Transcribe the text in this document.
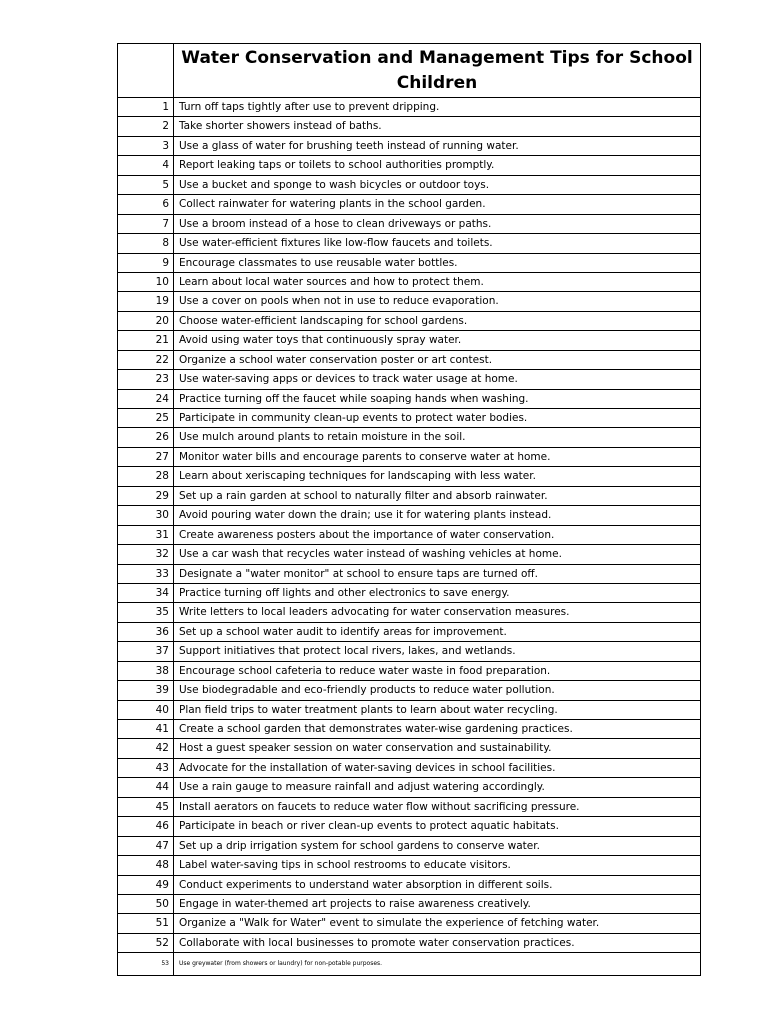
Water Conservation and Management Tips for School Children
1 Turn off taps tightly after use to prevent dripping.
2 Take shorter showers instead of baths.
3 Use a glass of water for brushing teeth instead of running water.
4 Report leaking taps or toilets to school authorities promptly.
5 Use a bucket and sponge to wash bicycles or outdoor toys.
6 Collect rainwater for watering plants in the school garden.
7 Use a broom instead of a hose to clean driveways or paths.
8 Use water-efficient fixtures like low-flow faucets and toilets.
9 Encourage classmates to use reusable water bottles.
10 Learn about local water sources and how to protect them.
19 Use a cover on pools when not in use to reduce evaporation.
20 Choose water-efficient landscaping for school gardens.
21 Avoid using water toys that continuously spray water.
22 Organize a school water conservation poster or art contest.
23 Use water-saving apps or devices to track water usage at home.
24 Practice turning off the faucet while soaping hands when washing.
25 Participate in community clean-up events to protect water bodies.
26 Use mulch around plants to retain moisture in the soil.
27 Monitor water bills and encourage parents to conserve water at home.
28 Learn about xeriscaping techniques for landscaping with less water.
29 Set up a rain garden at school to naturally filter and absorb rainwater.
30 Avoid pouring water down the drain; use it for watering plants instead.
31 Create awareness posters about the importance of water conservation.
32 Use a car wash that recycles water instead of washing vehicles at home.
33 Designate a "water monitor" at school to ensure taps are turned off.
34 Practice turning off lights and other electronics to save energy.
35 Write letters to local leaders advocating for water conservation measures.
36 Set up a school water audit to identify areas for improvement.
37 Support initiatives that protect local rivers, lakes, and wetlands.
38 Encourage school cafeteria to reduce water waste in food preparation.
39 Use biodegradable and eco-friendly products to reduce water pollution.
40 Plan field trips to water treatment plants to learn about water recycling.
41 Create a school garden that demonstrates water-wise gardening practices.
42 Host a guest speaker session on water conservation and sustainability.
43 Advocate for the installation of water-saving devices in school facilities.
44 Use a rain gauge to measure rainfall and adjust watering accordingly.
45 Install aerators on faucets to reduce water flow without sacrificing pressure.
46 Participate in beach or river clean-up events to protect aquatic habitats.
47 Set up a drip irrigation system for school gardens to conserve water.
48 Label water-saving tips in school restrooms to educate visitors.
49 Conduct experiments to understand water absorption in different soils.
50 Engage in water-themed art projects to raise awareness creatively.
51 Organize a "Walk for Water" event to simulate the experience of fetching water.
52 Collaborate with local businesses to promote water conservation practices.
53	Use greywater (from showers or laundry) for non-potable purposes.
